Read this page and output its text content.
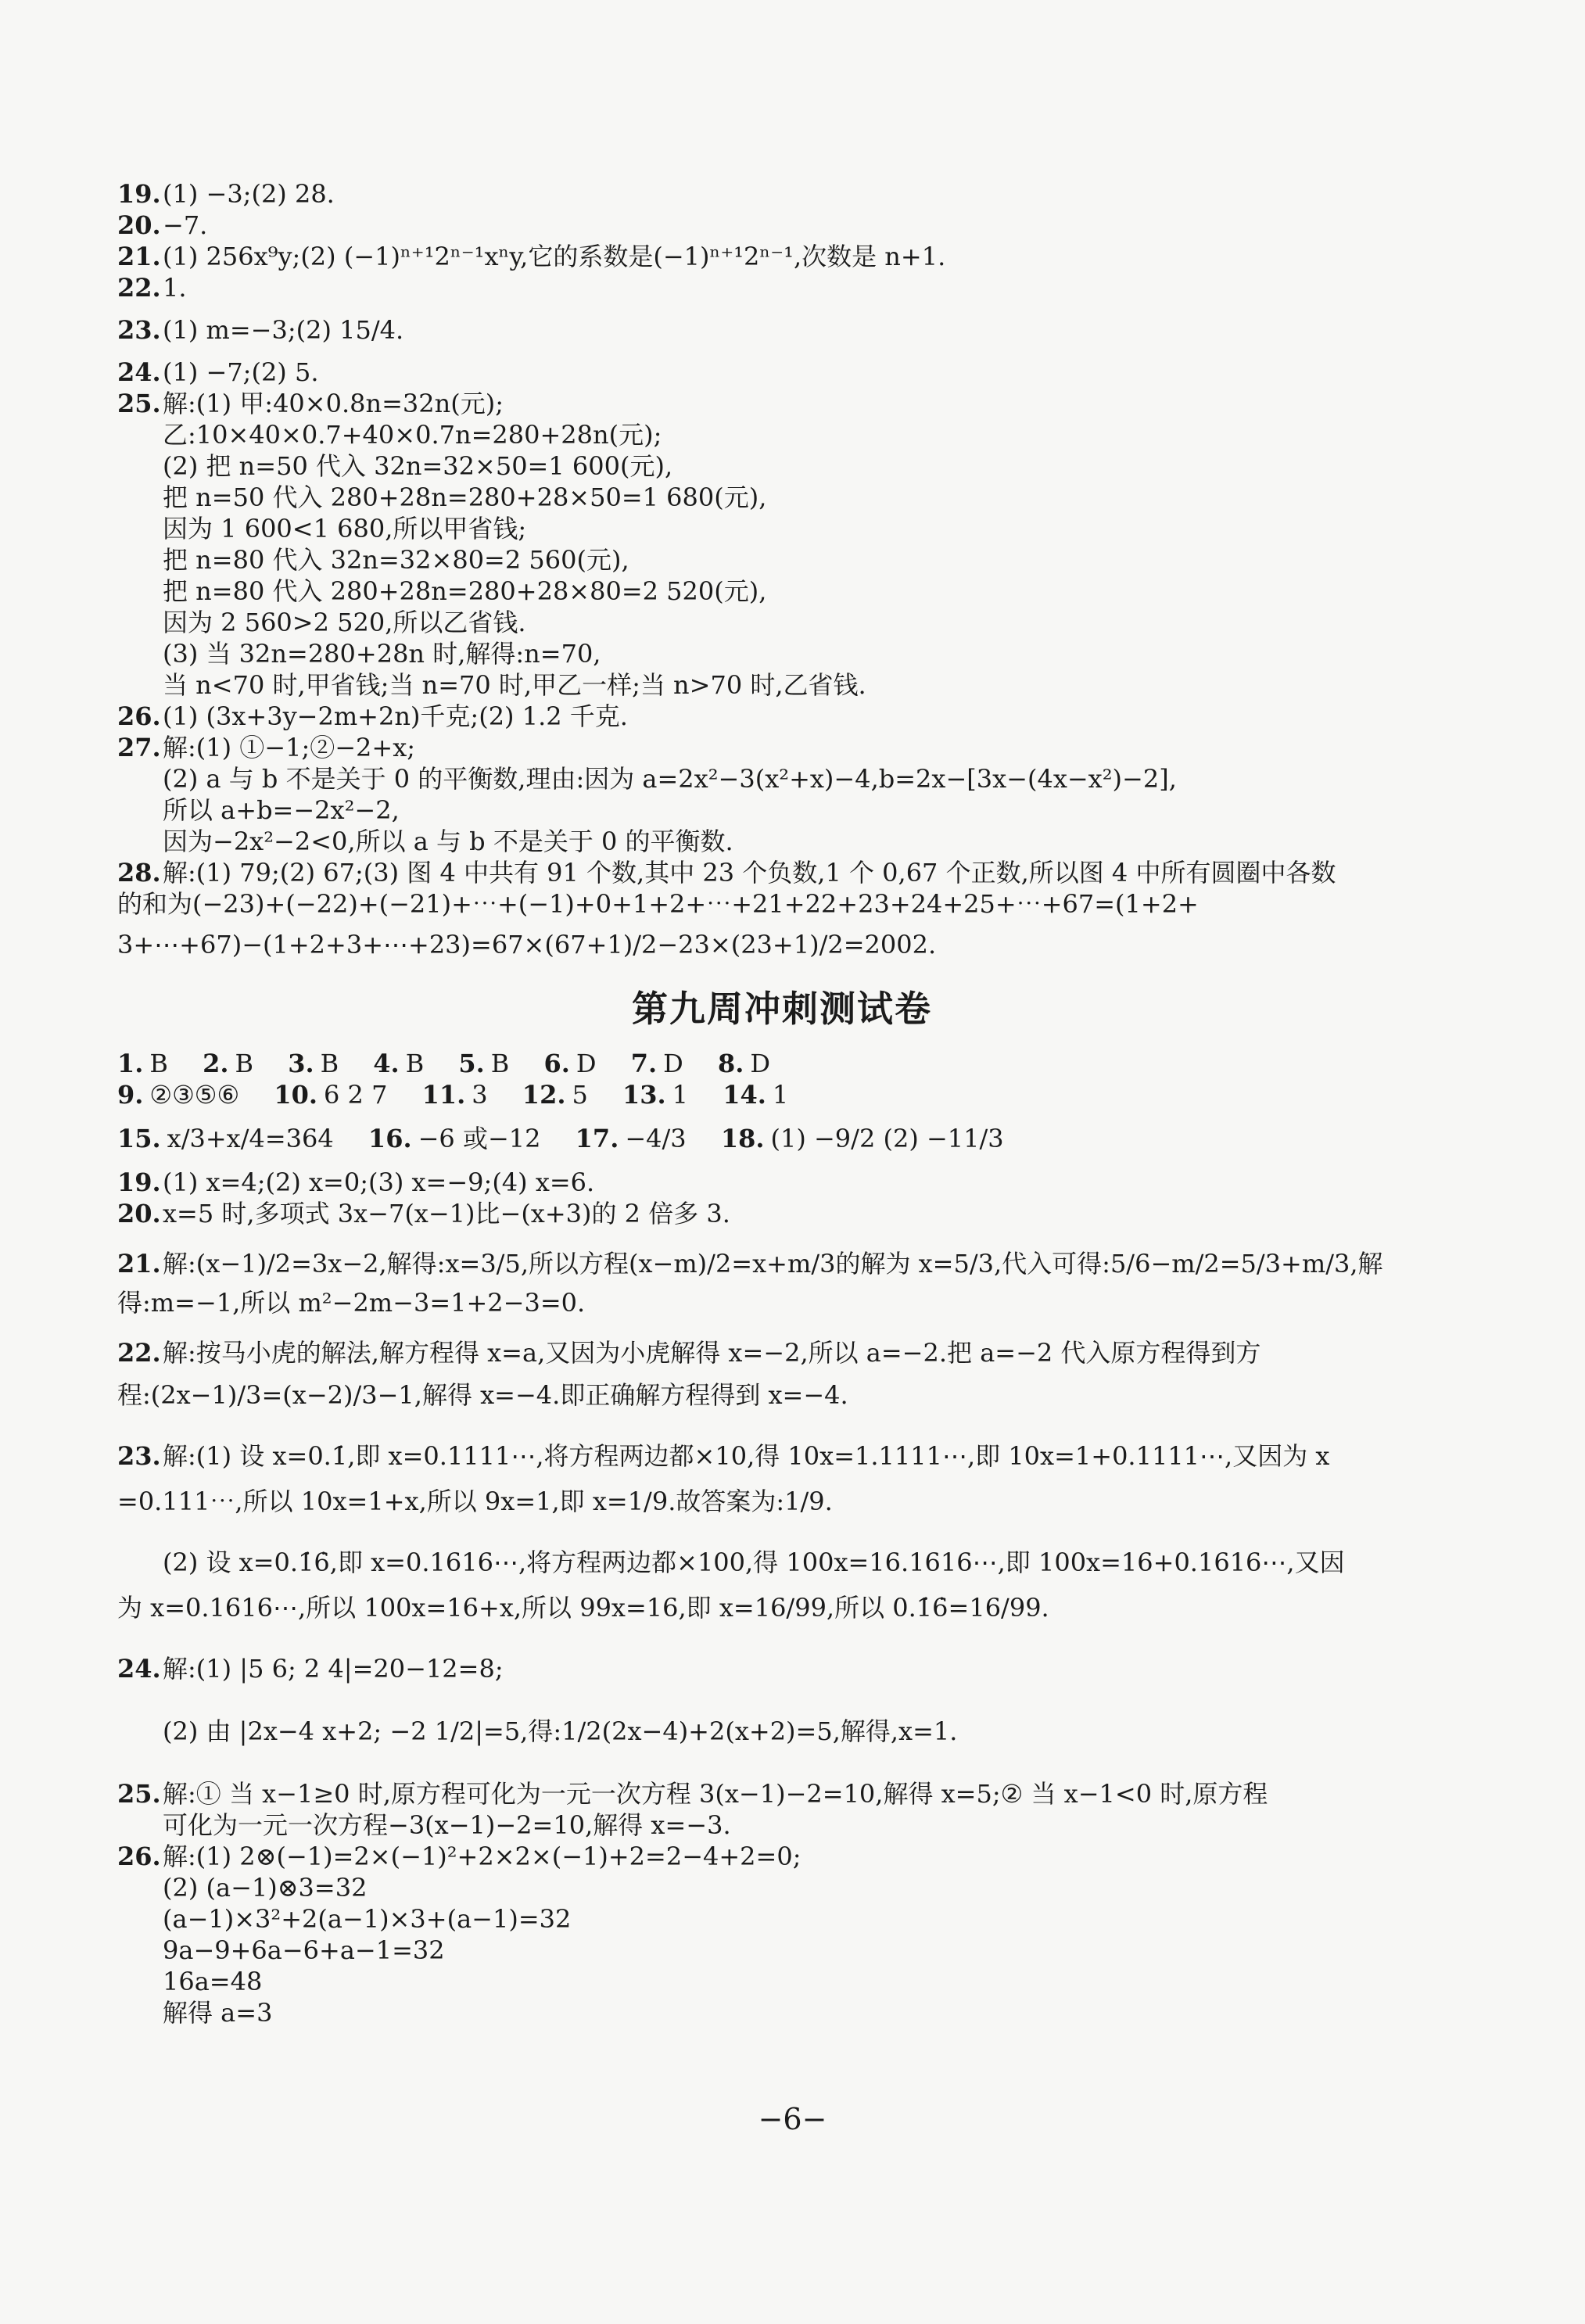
19.(1) −3;(2) 28.
20.−7.
21.(1) 256x⁹y;(2) (−1)ⁿ⁺¹2ⁿ⁻¹xⁿy,它的系数是(−1)ⁿ⁺¹2ⁿ⁻¹,次数是 n+1.
22.1.
23.(1) m=−3;(2) 15/4.
24.(1) −7;(2) 5.
25.解:(1) 甲:40×0.8n=32n(元);
乙:10×40×0.7+40×0.7n=280+28n(元);
(2) 把 n=50 代入 32n=32×50=1 600(元),
把 n=50 代入 280+28n=280+28×50=1 680(元),
因为 1 600<1 680,所以甲省钱;
把 n=80 代入 32n=32×80=2 560(元),
把 n=80 代入 280+28n=280+28×80=2 520(元),
因为 2 560>2 520,所以乙省钱.
(3) 当 32n=280+28n 时,解得:n=70,
当 n<70 时,甲省钱;当 n=70 时,甲乙一样;当 n>70 时,乙省钱.
26.(1) (3x+3y−2m+2n)千克;(2) 1.2 千克.
27.解:(1) ①−1;②−2+x;
(2) a 与 b 不是关于 0 的平衡数,理由:因为 a=2x²−3(x²+x)−4,b=2x−[3x−(4x−x²)−2],
所以 a+b=−2x²−2,
因为−2x²−2<0,所以 a 与 b 不是关于 0 的平衡数.
28.解:(1) 79;(2) 67;(3) 图 4 中共有 91 个数,其中 23 个负数,1 个 0,67 个正数,所以图 4 中所有圆圈中各数
的和为(−23)+(−22)+(−21)+⋯+(−1)+0+1+2+⋯+21+22+23+24+25+⋯+67=(1+2+
3+⋯+67)−(1+2+3+⋯+23)=67×(67+1)/2−23×(23+1)/2=2002.
第九周冲刺测试卷
1. B 2. B 3. B 4. B 5. B 6. D 7. D 8. D
9. ②③⑤⑥ 10. 6 2 7 11. 3 12. 5 13. 1 14. 1
15. x/3+x/4=364 16. −6 或−12 17. −4/3 18. (1) −9/2 (2) −11/3
19.(1) x=4;(2) x=0;(3) x=−9;(4) x=6.
20.x=5 时,多项式 3x−7(x−1)比−(x+3)的 2 倍多 3.
21.解:(x−1)/2=3x−2,解得:x=3/5,所以方程(x−m)/2=x+m/3的解为 x=5/3,代入可得:5/6−m/2=5/3+m/3,解
得:m=−1,所以 m²−2m−3=1+2−3=0.
22.解:按马小虎的解法,解方程得 x=a,又因为小虎解得 x=−2,所以 a=−2.把 a=−2 代入原方程得到方
程:(2x−1)/3=(x−2)/3−1,解得 x=−4.即正确解方程得到 x=−4.
23.解:(1) 设 x=0.1̇,即 x=0.1111⋯,将方程两边都×10,得 10x=1.1111⋯,即 10x=1+0.1111⋯,又因为 x
=0.111⋯,所以 10x=1+x,所以 9x=1,即 x=1/9.故答案为:1/9.
(2) 设 x=0.1̇6̇,即 x=0.1616⋯,将方程两边都×100,得 100x=16.1616⋯,即 100x=16+0.1616⋯,又因
为 x=0.1616⋯,所以 100x=16+x,所以 99x=16,即 x=16/99,所以 0.1̇6̇=16/99.
24.解:(1) |5 6; 2 4|=20−12=8;
(2) 由 |2x−4 x+2; −2 1/2|=5,得:1/2(2x−4)+2(x+2)=5,解得,x=1.
25.解:① 当 x−1≥0 时,原方程可化为一元一次方程 3(x−1)−2=10,解得 x=5;② 当 x−1<0 时,原方程
可化为一元一次方程−3(x−1)−2=10,解得 x=−3.
26.解:(1) 2⊗(−1)=2×(−1)²+2×2×(−1)+2=2−4+2=0;
(2) (a−1)⊗3=32
(a−1)×3²+2(a−1)×3+(a−1)=32
9a−9+6a−6+a−1=32
16a=48
解得 a=3
−6−
